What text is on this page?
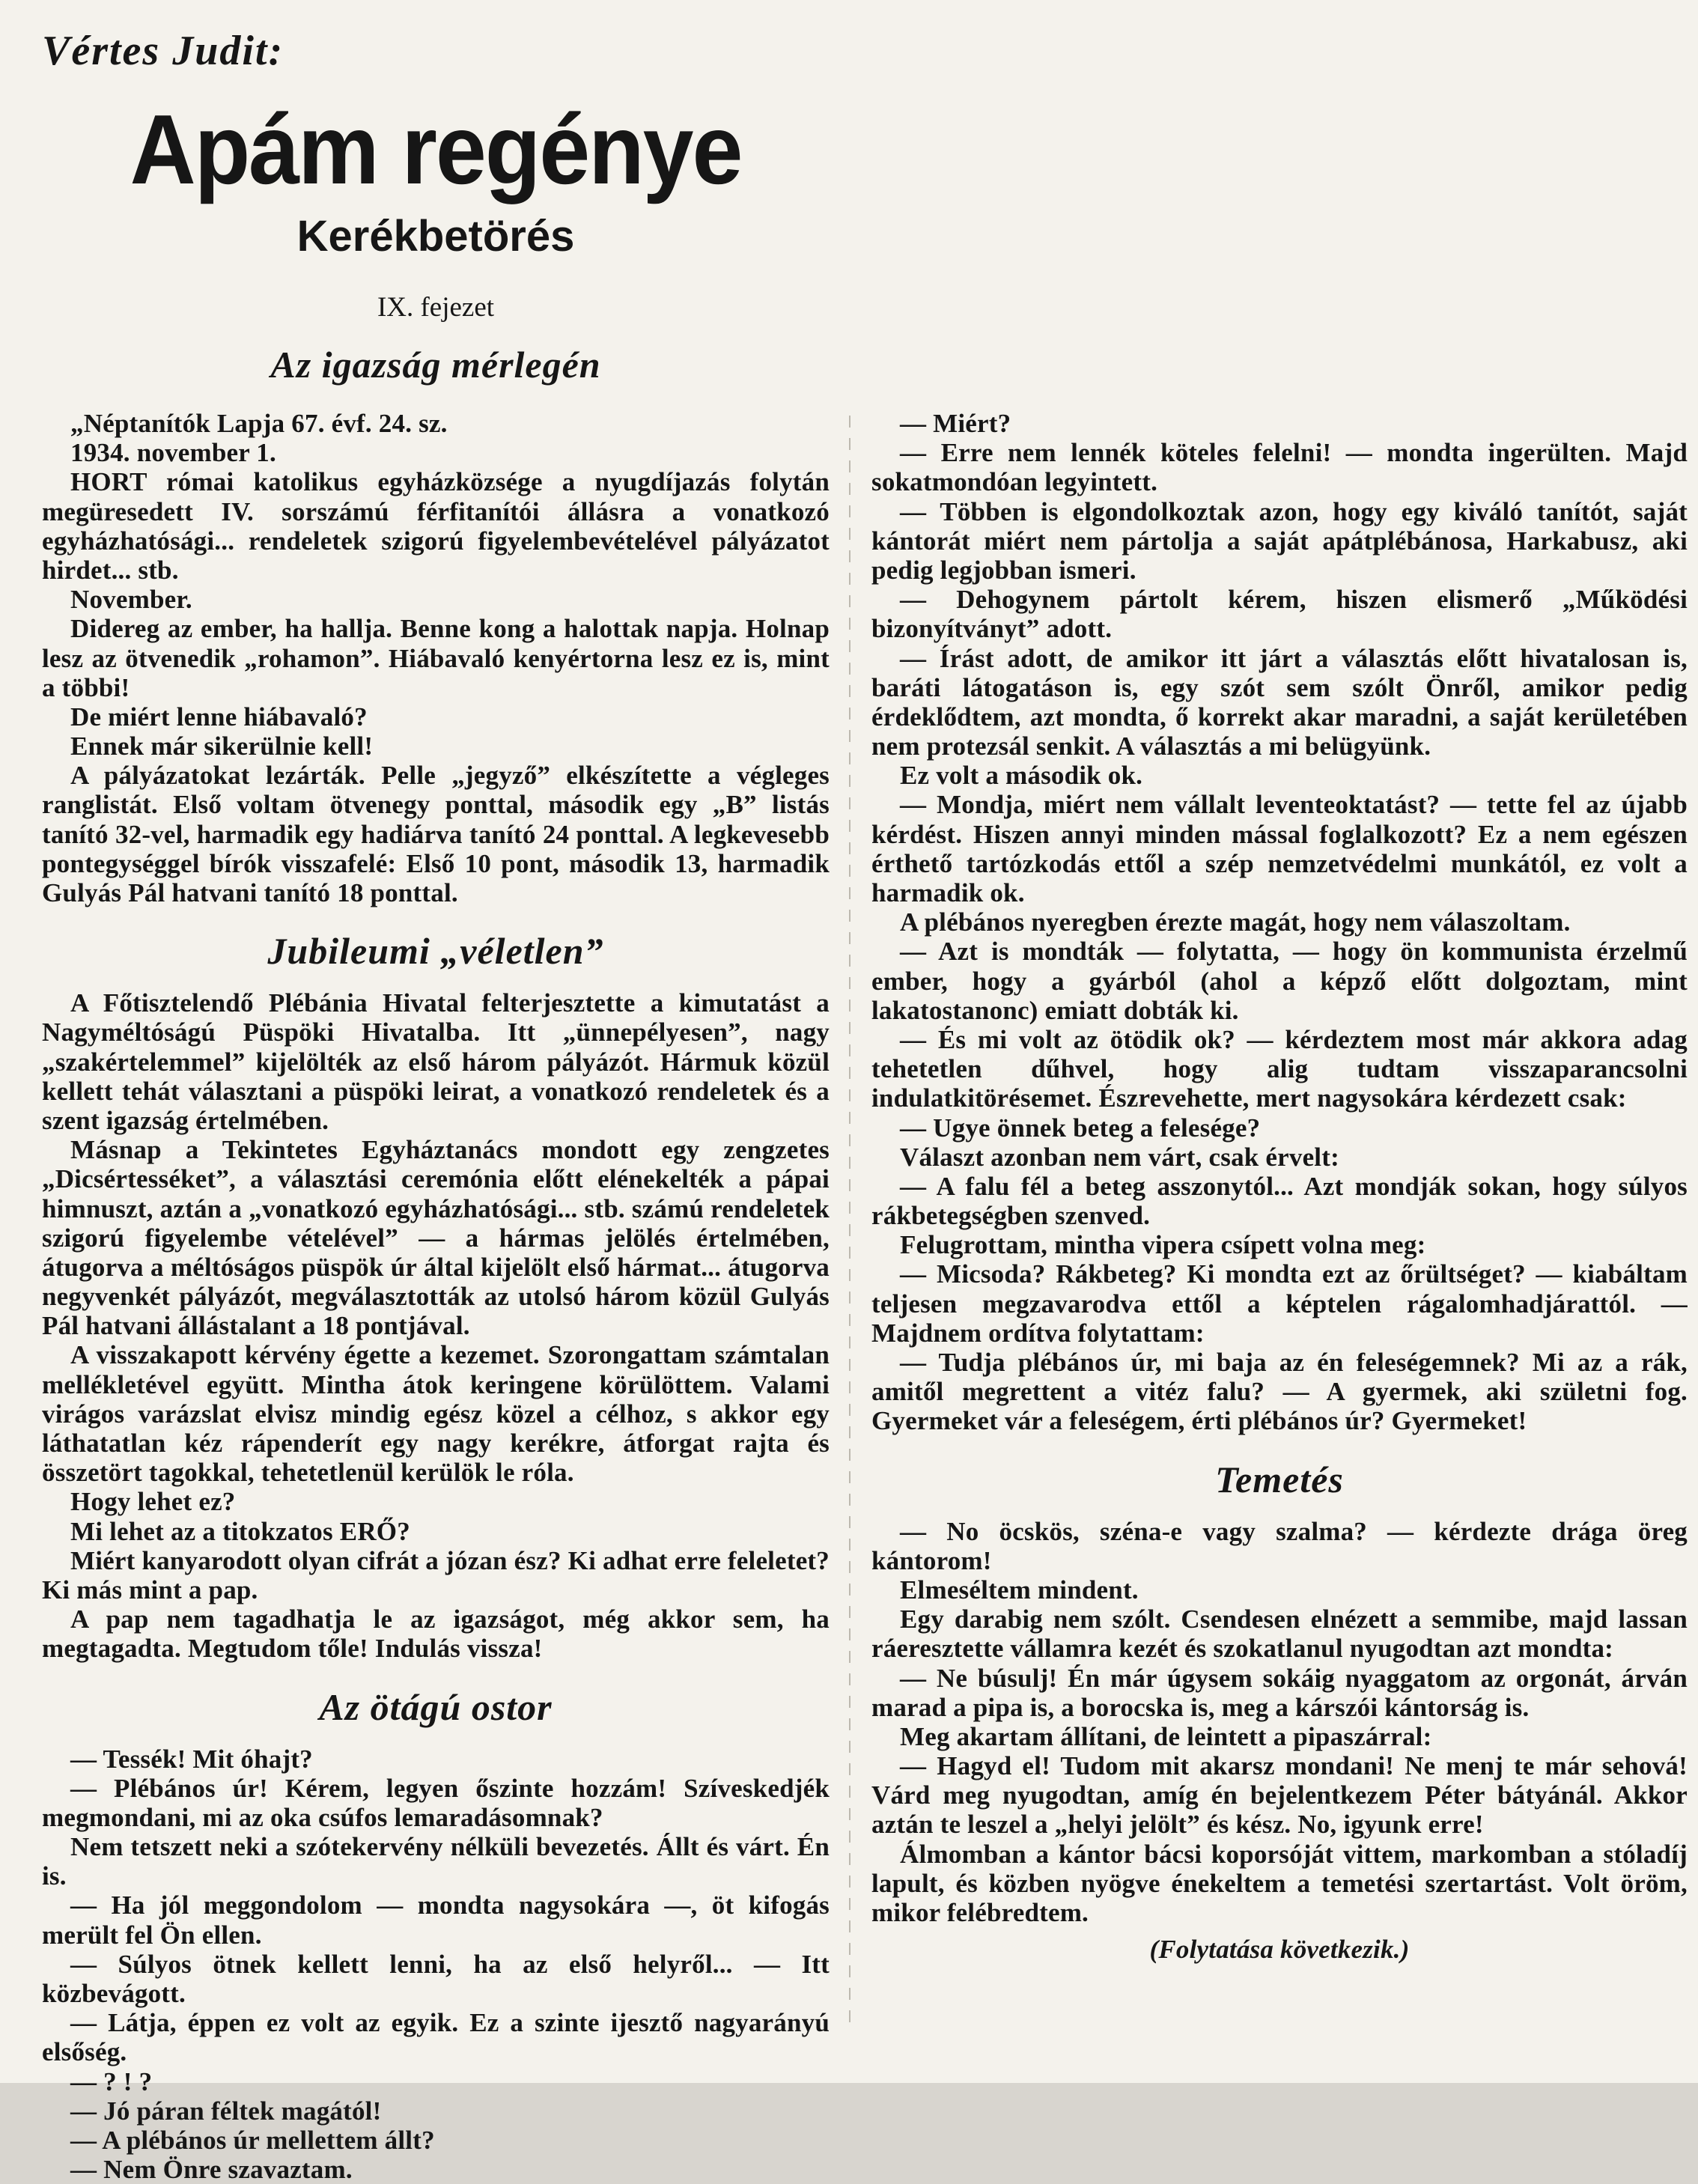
Vértes Judit:
Apám regénye
Kerékbetörés
IX. fejezet
Az igazság mérlegén

„Néptanítók Lapja 67. évf. 24. sz.

1934. november 1.

HORT római katolikus egyházközsége a nyugdíjazás folytán megüresedett IV. sorszámú férfitanítói állásra a vonatkozó egyházhatósági... rendeletek szigorú figyelembevételével pályázatot hirdet... stb.

November.

Didereg az ember, ha hallja. Benne kong a halottak napja. Holnap lesz az ötvenedik „rohamon”. Hiábavaló kenyértorna lesz ez is, mint a többi!

De miért lenne hiábavaló?

Ennek már sikerülnie kell!

A pályázatokat lezárták. Pelle „jegyző” elkészítette a végleges ranglistát. Első voltam ötvenegy ponttal, második egy „B” listás tanító 32-vel, harmadik egy hadiárva tanító 24 ponttal. A legkevesebb pontegységgel bírók visszafelé: Első 10 pont, második 13, harmadik Gulyás Pál hatvani tanító 18 ponttal.

Jubileumi „véletlen”

A Főtisztelendő Plébánia Hivatal felterjesztette a kimutatást a Nagyméltóságú Püspöki Hivatalba. Itt „ünnepélyesen”, nagy „szakértelemmel” kijelölték az első három pályázót. Hármuk közül kellett tehát választani a püspöki leirat, a vonatkozó rendeletek és a szent igazság értelmében.

Másnap a Tekintetes Egyháztanács mondott egy zengzetes „Dicsértesséket”, a választási ceremónia előtt elénekelték a pápai himnuszt, aztán a „vonatkozó egyházhatósági... stb. számú rendeletek szigorú figyelembe vételével” — a hármas jelölés értelmében, átugorva a méltóságos püspök úr által kijelölt első hármat... átugorva negyvenkét pályázót, megválasztották az utolsó három közül Gulyás Pál hatvani állástalant a 18 pontjával.

A visszakapott kérvény égette a kezemet. Szorongattam számtalan mellékletével együtt. Mintha átok keringene körülöttem. Valami virágos varázslat elvisz mindig egész közel a célhoz, s akkor egy láthatatlan kéz rápenderít egy nagy kerékre, átforgat rajta és összetört tagokkal, tehetetlenül kerülök le róla.

Hogy lehet ez?

Mi lehet az a titokzatos ERŐ?

Miért kanyarodott olyan cifrát a józan ész? Ki adhat erre feleletet? Ki más mint a pap.

A pap nem tagadhatja le az igazságot, még akkor sem, ha megtagadta. Megtudom tőle! Indulás vissza!

Az ötágú ostor

— Tessék! Mit óhajt?

— Plébános úr! Kérem, legyen őszinte hozzám! Szíveskedjék megmondani, mi az oka csúfos lemaradásomnak?

Nem tetszett neki a szótekervény nélküli bevezetés. Állt és várt. Én is.

— Ha jól meggondolom — mondta nagysokára —, öt kifogás merült fel Ön ellen.

— Súlyos ötnek kellett lenni, ha az első helyről... — Itt közbevágott.

— Látja, éppen ez volt az egyik. Ez a szinte ijesztő nagyarányú elsőség.

— ? ! ?

— Jó páran féltek magától!

— A plébános úr mellettem állt?

— Nem Önre szavaztam.

— Miért?

— Erre nem lennék köteles felelni! — mondta ingerülten. Majd sokatmondóan legyintett.

— Többen is elgondolkoztak azon, hogy egy kiváló tanítót, saját kántorát miért nem pártolja a saját apátplébánosa, Harkabusz, aki pedig legjobban ismeri.

— Dehogynem pártolt kérem, hiszen elismerő „Működési bizonyítványt” adott.

— Írást adott, de amikor itt járt a választás előtt hivatalosan is, baráti látogatáson is, egy szót sem szólt Önről, amikor pedig érdeklődtem, azt mondta, ő korrekt akar maradni, a saját kerületében nem protezsál senkit. A választás a mi belügyünk.

Ez volt a második ok.

— Mondja, miért nem vállalt leventeoktatást? — tette fel az újabb kérdést. Hiszen annyi minden mással foglalkozott? Ez a nem egészen érthető tartózkodás ettől a szép nemzetvédelmi munkától, ez volt a harmadik ok.

A plébános nyeregben érezte magát, hogy nem válaszoltam.

— Azt is mondták — folytatta, — hogy ön kommunista érzelmű ember, hogy a gyárból (ahol a képző előtt dolgoztam, mint lakatostanonc) emiatt dobták ki.

— És mi volt az ötödik ok? — kérdeztem most már akkora adag tehetetlen dűhvel, hogy alig tudtam visszaparancsolni indulatkitörésemet. Észrevehette, mert nagysokára kérdezett csak:

— Ugye önnek beteg a felesége?

Választ azonban nem várt, csak érvelt:

— A falu fél a beteg asszonytól... Azt mondják sokan, hogy súlyos rákbetegségben szenved.

Felugrottam, mintha vipera csípett volna meg:

— Micsoda? Rákbeteg? Ki mondta ezt az őrültséget? — kiabáltam teljesen megzavarodva ettől a képtelen rágalomhadjárattól. — Majdnem ordítva folytattam:

— Tudja plébános úr, mi baja az én feleségemnek? Mi az a rák, amitől megrettent a vitéz falu? — A gyermek, aki születni fog. Gyermeket vár a feleségem, érti plébános úr? Gyermeket!

Temetés

— No öcskös, széna-e vagy szalma? — kérdezte drága öreg kántorom!

Elmeséltem mindent.

Egy darabig nem szólt. Csendesen elnézett a semmibe, majd lassan ráeresztette vállamra kezét és szokatlanul nyugodtan azt mondta:

— Ne búsulj! Én már úgysem sokáig nyaggatom az orgonát, árván marad a pipa is, a borocska is, meg a kárszói kántorság is.

Meg akartam állítani, de leintett a pipaszárral:

— Hagyd el! Tudom mit akarsz mondani! Ne menj te már sehová! Várd meg nyugodtan, amíg én bejelentkezem Péter bátyánál. Akkor aztán te leszel a „helyi jelölt” és kész. No, igyunk erre!

Álmomban a kántor bácsi koporsóját vittem, markomban a stóladíj lapult, és közben nyögve énekeltem a temetési szertartást. Volt öröm, mikor felébredtem.

(Folytatása következik.)
